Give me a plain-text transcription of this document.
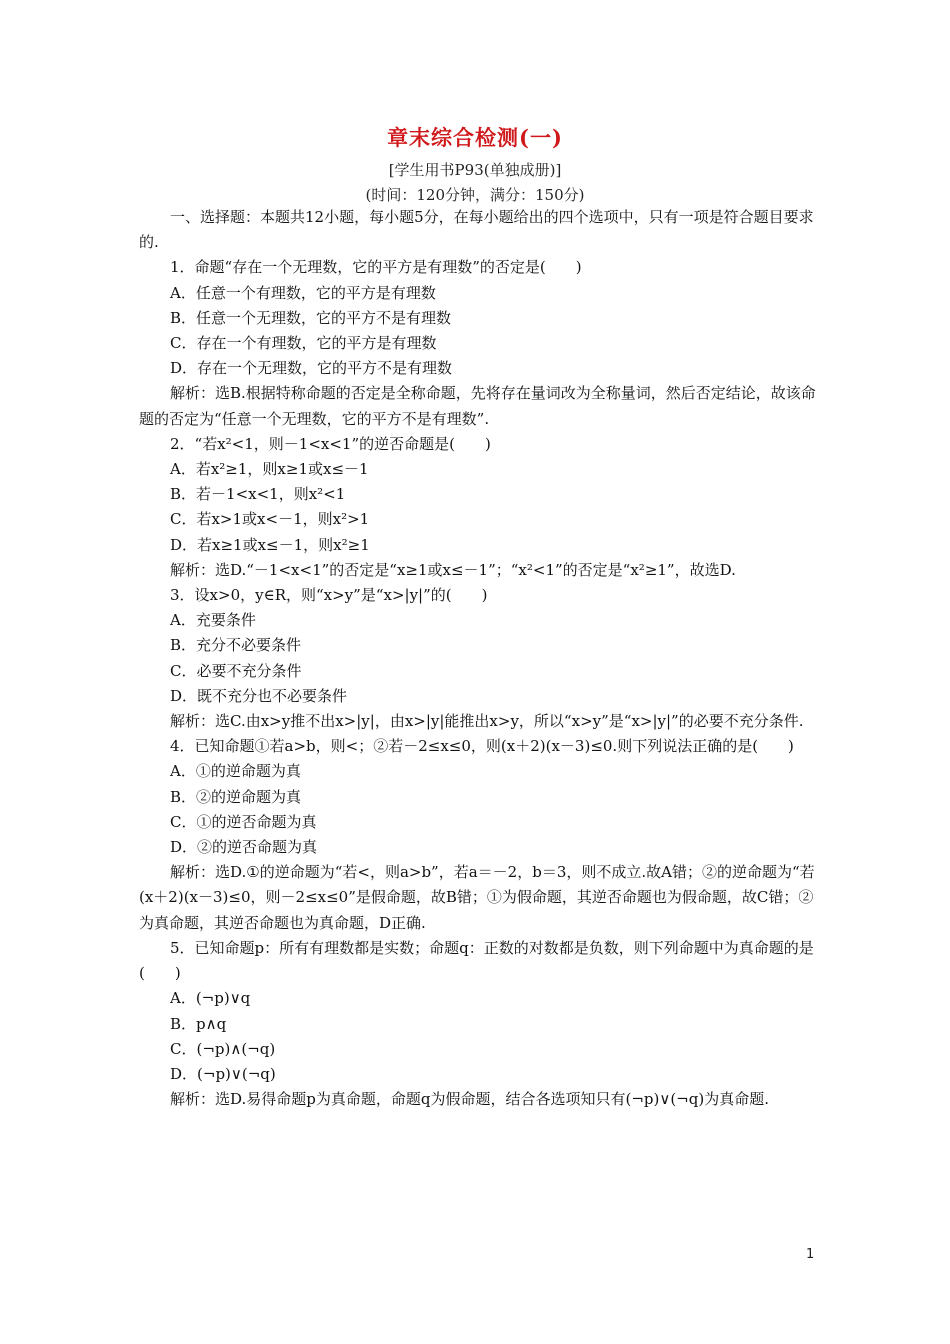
章末综合检测(一)
[学生用书P93(单独成册)]
(时间：120分钟，满分：150分)

一、选择题：本题共12小题，每小题5分，在每小题给出的四个选项中，只有一项是符合题目要求的.

1．命题“存在一个无理数，它的平方是有理数”的否定是(　　)

A．任意一个有理数，它的平方是有理数

B．任意一个无理数，它的平方不是有理数

C．存在一个有理数，它的平方是有理数

D．存在一个无理数，它的平方不是有理数

解析：选B.根据特称命题的否定是全称命题，先将存在量词改为全称量词，然后否定结论，故该命题的否定为“任意一个无理数，它的平方不是有理数”.

2．“若x²<1，则－1<x<1”的逆否命题是(　　)

A．若x²≥1，则x≥1或x≤－1

B．若－1<x<1，则x²<1

C．若x>1或x<－1，则x²>1

D．若x≥1或x≤－1，则x²≥1

解析：选D.“－1<x<1”的否定是“x≥1或x≤－1”；“x²<1”的否定是“x²≥1”，故选D.

3．设x>0，y∈R，则“x>y”是“x>|y|”的(　　)

A．充要条件

B．充分不必要条件

C．必要不充分条件

D．既不充分也不必要条件

解析：选C.由x>y推不出x>|y|，由x>|y|能推出x>y，所以“x>y”是“x>|y|”的必要不充分条件.

4．已知命题①若a>b，则<；②若－2≤x≤0，则(x＋2)(x－3)≤0.则下列说法正确的是(　　)

A．①的逆命题为真

B．②的逆命题为真

C．①的逆否命题为真

D．②的逆否命题为真

解析：选D.①的逆命题为“若<，则a>b”，若a＝－2，b＝3，则不成立.故A错；②的逆命题为“若(x＋2)(x－3)≤0，则－2≤x≤0”是假命题，故B错；①为假命题，其逆否命题也为假命题，故C错；②为真命题，其逆否命题也为真命题，D正确.

5．已知命题p：所有有理数都是实数；命题q：正数的对数都是负数，则下列命题中为真命题的是(　　)

A．(¬p)∨q

B．p∧q

C．(¬p)∧(¬q)

D．(¬p)∨(¬q)

解析：选D.易得命题p为真命题，命题q为假命题，结合各选项知只有(¬p)∨(¬q)为真命题.

1
